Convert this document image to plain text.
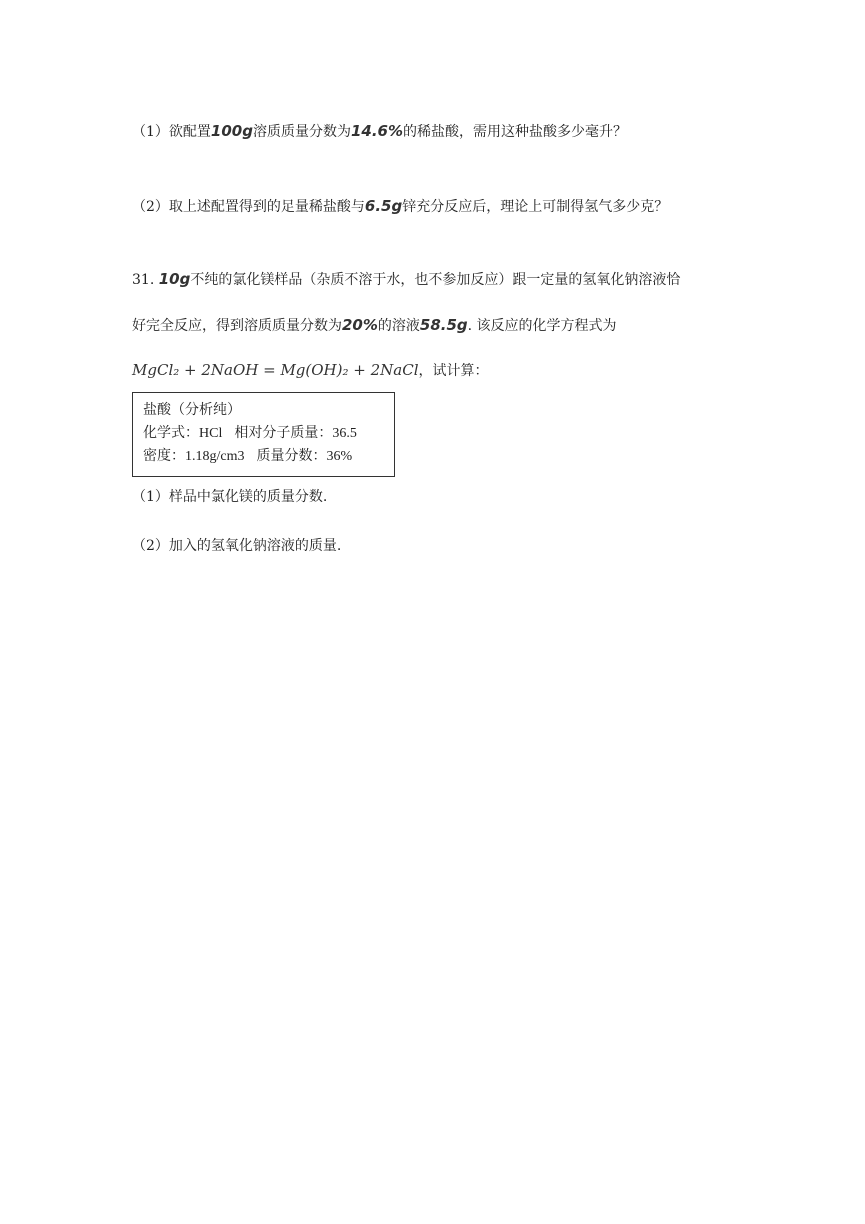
（1）欲配置100g溶质质量分数为14.6%的稀盐酸，需用这种盐酸多少毫升？
（2）取上述配置得到的足量稀盐酸与6.5g锌充分反应后，理论上可制得氢气多少克？
31. 10g不纯的氯化镁样品（杂质不溶于水，也不参加反应）跟一定量的氢氧化钠溶液恰
好完全反应，得到溶质质量分数为20%的溶液58.5g. 该反应的化学方程式为
MgCl₂ + 2NaOH = Mg(OH)₂ + 2NaCl，试计算：
盐酸（分析纯）
化学式：HCl 相对分子质量：36.5
密度：1.18g/cm3 质量分数：36%
（1）样品中氯化镁的质量分数.
（2）加入的氢氧化钠溶液的质量.
